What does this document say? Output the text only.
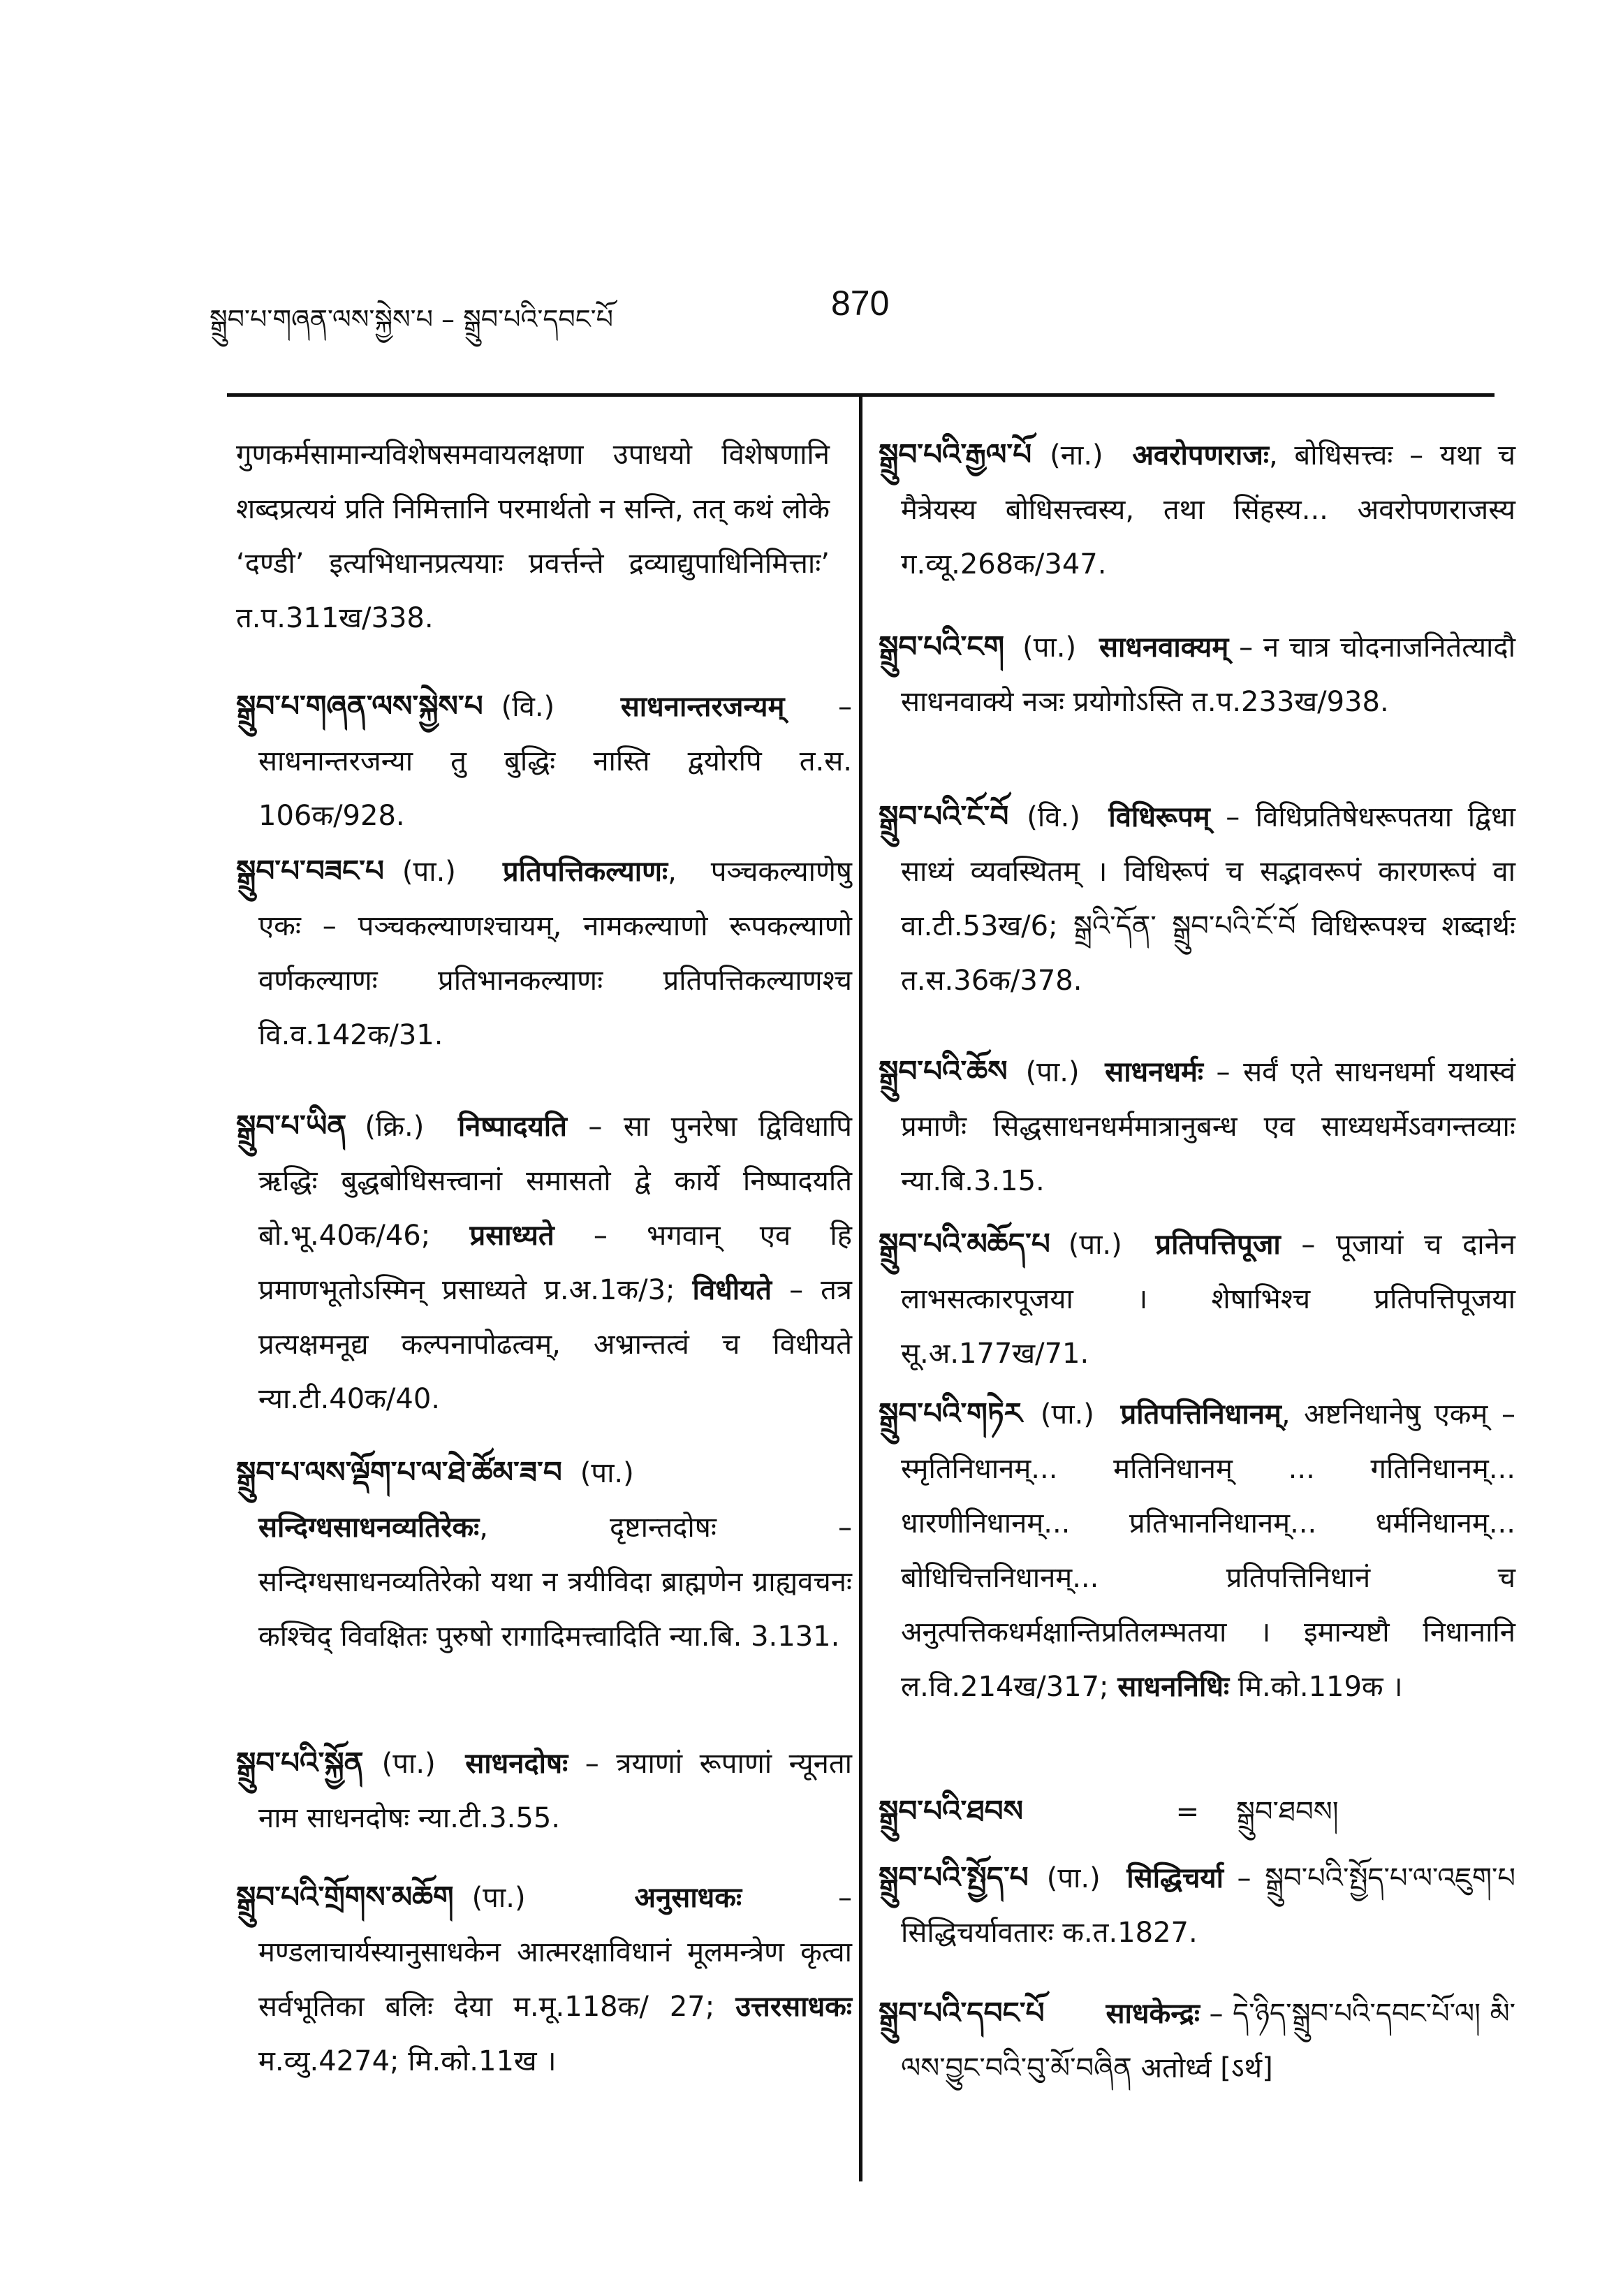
སྒྲུབ་པ་གཞན་ལས་སྐྱེས་པ – སྒྲུབ་པའི་དབང་པོ	870
गुणकर्मसामान्यविशेषसमवायलक्षणा उपाधयो विशेषणानि शब्दप्रत्ययं प्रति निमित्तानि परमार्थतो न सन्ति, तत् कथं लोके ‘दण्डी’ इत्यभिधानप्रत्ययाः प्रवर्त्तन्ते द्रव्याद्युपाधिनिमित्ताः’ त.प.311ख/338.
སྒྲུབ་པ་གཞན་ལས་སྐྱེས་པ (वि.) साधनान्तरजन्यम् – साधनान्तरजन्या तु बुद्धिः नास्ति द्वयोरपि त.स. 106क/928.
སྒྲུབ་པ་བཟང་པ (पा.) प्रतिपत्तिकल्याणः, पञ्चकल्याणेषु एकः – पञ्चकल्याणश्चायम्, नामकल्याणो रूपकल्याणो वर्णकल्याणः प्रतिभानकल्याणः प्रतिपत्तिकल्याणश्च वि.व.142क/31.
སྒྲུབ་པ་ཡིན (क्रि.) निष्पादयति – सा पुनरेषा द्विविधापि ऋद्धिः बुद्धबोधिसत्त्वानां समासतो द्वे कार्ये निष्पादयति बो.भू.40क/46; प्रसाध्यते – भगवान् एव हि प्रमाणभूतोऽस्मिन् प्रसाध्यते प्र.अ.1क/3; विधीयते – तत्र प्रत्यक्षमनूद्य कल्पनापोढत्वम्, अभ्रान्तत्वं च विधीयते न्या.टी.40क/40.
སྒྲུབ་པ་ལས་ལྡོག་པ་ལ་ཐེ་ཚོམ་ཟ་བ (पा.) सन्दिग्धसाधनव्यतिरेकः, दृष्टान्तदोषः – सन्दिग्धसाधनव्यतिरेको यथा न त्रयीविदा ब्राह्मणेन ग्राह्यवचनः कश्चिद् विवक्षितः पुरुषो रागादिमत्त्वादिति न्या.बि. 3.131.
སྒྲུབ་པའི་སྐྱོན (पा.) साधनदोषः – त्रयाणां रूपाणां न्यूनता नाम साधनदोषः न्या.टी.3.55.
སྒྲུབ་པའི་གྲོགས་མཆོག (पा.)	अनुसाधकः	– मण्डलाचार्यस्यानुसाधकेन आत्मरक्षाविधानं मूलमन्त्रेण कृत्वा सर्वभूतिका बलिः देया म.मू.118क/ 27; उत्तरसाधकः म.व्यु.4274; मि.को.11ख ।
སྒྲུབ་པའི་རྒྱལ་པོ (ना.) अवरोपणराजः, बोधिसत्त्वः – यथा च मैत्रेयस्य बोधिसत्त्वस्य, तथा सिंहस्य... अवरोपणराजस्य ग.व्यू.268क/347.
སྒྲུབ་པའི་ངག (पा.) साधनवाक्यम् – न चात्र चोदनाजनितेत्यादौ साधनवाक्ये नञः प्रयोगोऽस्ति त.प.233ख/938.
སྒྲུབ་པའི་ངོ་བོ (वि.) विधिरूपम् – विधिप्रतिषेधरूपतया द्विधा साध्यं व्यवस्थितम् । विधिरूपं च सद्भावरूपं कारणरूपं वा वा.टी.53ख/6; སྒྲའི་དོན་ སྒྲུབ་པའི་ངོ་བོ विधिरूपश्च शब्दार्थः त.स.36क/378.
སྒྲུབ་པའི་ཆོས (पा.) साधनधर्मः – सर्वं एते साधनधर्मा यथास्वं प्रमाणैः सिद्धसाधनधर्ममात्रानुबन्ध एव साध्यधर्मेऽवगन्तव्याः न्या.बि.3.15.
སྒྲུབ་པའི་མཆོད་པ (पा.) प्रतिपत्तिपूजा – पूजायां च दानेन लाभसत्कारपूजया । शेषाभिश्च प्रतिपत्तिपूजया सू.अ.177ख/71.
སྒྲུབ་པའི་གཏེར (पा.) प्रतिपत्तिनिधानम्, अष्टनिधानेषु एकम् – स्मृतिनिधानम्... मतिनिधानम् ... गतिनिधानम्... धारणीनिधानम्... प्रतिभाननिधानम्... धर्मनिधानम्... बोधिचित्तनिधानम्... प्रतिपत्तिनिधानं च अनुत्पत्तिकधर्मक्षान्तिप्रतिलम्भतया । इमान्यष्टौ निधानानि ल.वि.214ख/317; साधननिधिः मि.को.119क ।
སྒྲུབ་པའི་ཐབས	= སྒྲུབ་ཐབས།
སྒྲུབ་པའི་སྤྱོད་པ (पा.) सिद्धिचर्या – སྒྲུབ་པའི་སྤྱོད་པ་ལ་འཇུག་པ सिद्धिचर्यावतारः क.त.1827.
སྒྲུབ་པའི་དབང་པོ साधकेन्द्रः – དེ་ཉིད་སྒྲུབ་པའི་དབང་པོ་ལ། མི་ལས་བྱུང་བའི་བུ་མོ་བཞིན अतोर्ध्व [ऽर्थ]
